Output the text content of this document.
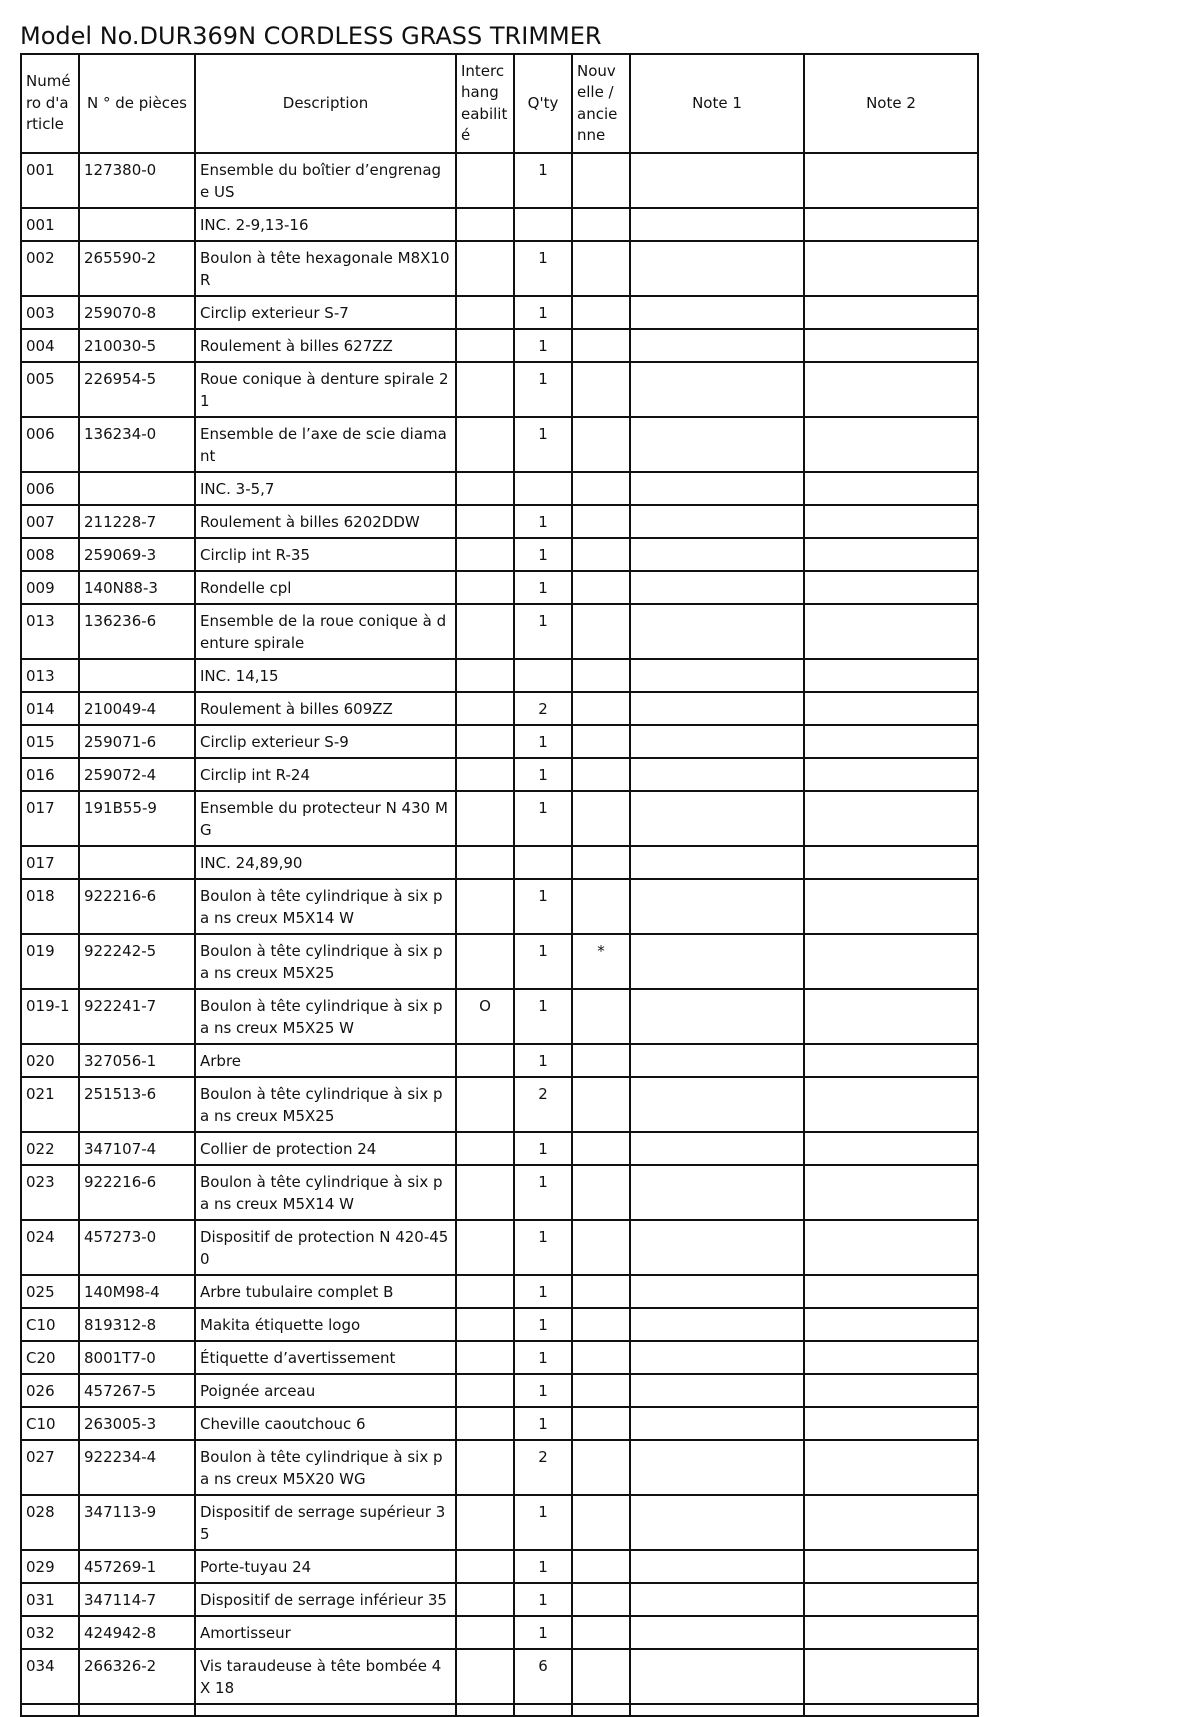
Model No.DUR369N CORDLESS GRASS TRIMMER
Numé ro d'a rticle	N ° de pièces	Description	Interc hang eabilit é	Q'ty	Nouv elle / ancie nne	Note 1	Note 2
001	127380-0	Ensemble du boîtier d’engrenag e US		1			
001		INC. 2-9,13-16					
002	265590-2	Boulon à tête hexagonale M8X10 R		1			
003	259070-8	Circlip exterieur S-7		1			
004	210030-5	Roulement à billes 627ZZ		1			
005	226954-5	Roue conique à denture spirale 2 1		1			
006	136234-0	Ensemble de l’axe de scie diama nt		1			
006		INC. 3-5,7					
007	211228-7	Roulement à billes 6202DDW		1			
008	259069-3	Circlip int R-35		1			
009	140N88-3	Rondelle cpl		1			
013	136236-6	Ensemble de la roue conique à d enture spirale		1			
013		INC. 14,15					
014	210049-4	Roulement à billes 609ZZ		2			
015	259071-6	Circlip exterieur S-9		1			
016	259072-4	Circlip int R-24		1			
017	191B55-9	Ensemble du protecteur N 430 M G		1			
017		INC. 24,89,90					
018	922216-6	Boulon à tête cylindrique à six pa ns creux M5X14 W		1			
019	922242-5	Boulon à tête cylindrique à six pa ns creux M5X25		1	*		
019-1	922241-7	Boulon à tête cylindrique à six pa ns creux M5X25 W	O	1			
020	327056-1	Arbre		1			
021	251513-6	Boulon à tête cylindrique à six pa ns creux M5X25		2			
022	347107-4	Collier de protection 24		1			
023	922216-6	Boulon à tête cylindrique à six pa ns creux M5X14 W		1			
024	457273-0	Dispositif de protection N 420-45 0		1			
025	140M98-4	Arbre tubulaire complet B		1			
C10	819312-8	Makita étiquette logo		1			
C20	8001T7-0	Étiquette d’avertissement		1			
026	457267-5	Poignée arceau		1			
C10	263005-3	Cheville caoutchouc 6		1			
027	922234-4	Boulon à tête cylindrique à six pa ns creux M5X20 WG		2			
028	347113-9	Dispositif de serrage supérieur 3 5		1			
029	457269-1	Porte-tuyau 24		1			
031	347114-7	Dispositif de serrage inférieur 35		1			
032	424942-8	Amortisseur		1			
034	266326-2	Vis taraudeuse à tête bombée 4X 18		6			
